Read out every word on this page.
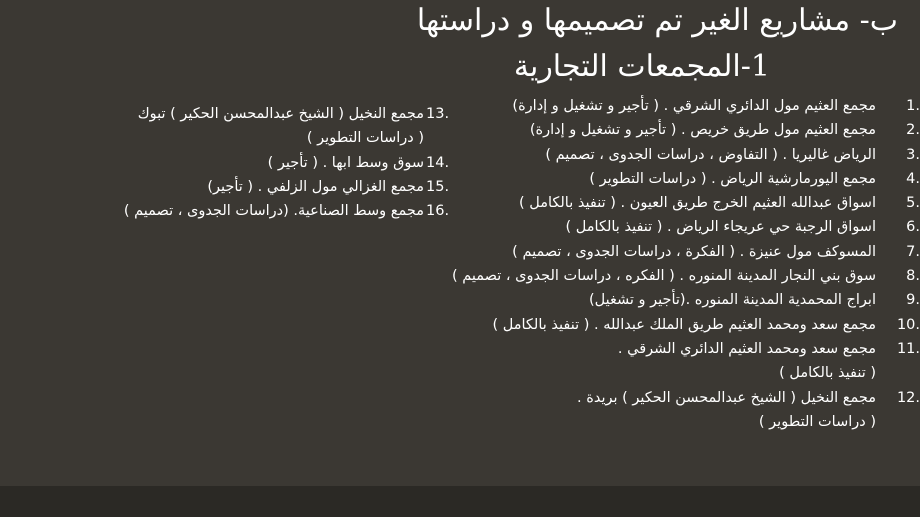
ب- مشاريع الغير تم تصميمها و دراستها
1-المجمعات التجارية
1.
مجمع العثيم مول الدائري الشرقي . ( تأجير و تشغيل و إدارة)
2.
مجمع العثيم مول طريق خريص . ( تأجير و تشغيل و إدارة)
3.
الرياض غاليريا . ( التفاوض ، دراسات الجدوى ، تصميم )
4.
مجمع اليورمارشية الرياض . ( دراسات التطوير )
5.
اسواق عبدالله العثيم الخرج طريق العيون . ( تنفيذ بالكامل )
6.
اسواق الرجبة حي عريجاء الرياض . ( تنفيذ بالكامل )
7.
المسوكف مول عنيزة . ( الفكرة ، دراسات الجدوى ، تصميم )
8.
سوق بني النجار المدينة المنوره . ( الفكره ، دراسات الجدوى ، تصميم )
9.
ابراج المحمدية المدينة المنوره .(تأجير و تشغيل)
10.
مجمع سعد ومحمد العثيم طريق الملك عبدالله . ( تنفيذ بالكامل )
11.
مجمع سعد ومحمد العثيم الدائري الشرقي .
( تنفيذ بالكامل )
12.
مجمع النخيل ( الشيخ عبدالمحسن الحكير ) بريدة .
( دراسات التطوير )
13.
مجمع النخيل ( الشيخ عبدالمحسن الحكير ) تبوك
( دراسات التطوير )
14.
سوق وسط ابها . ( تأجير )
15.
مجمع الغزالي مول الزلفي . ( تأجير)
16.
مجمع وسط الصناعية. (دراسات الجدوى ، تصميم )
